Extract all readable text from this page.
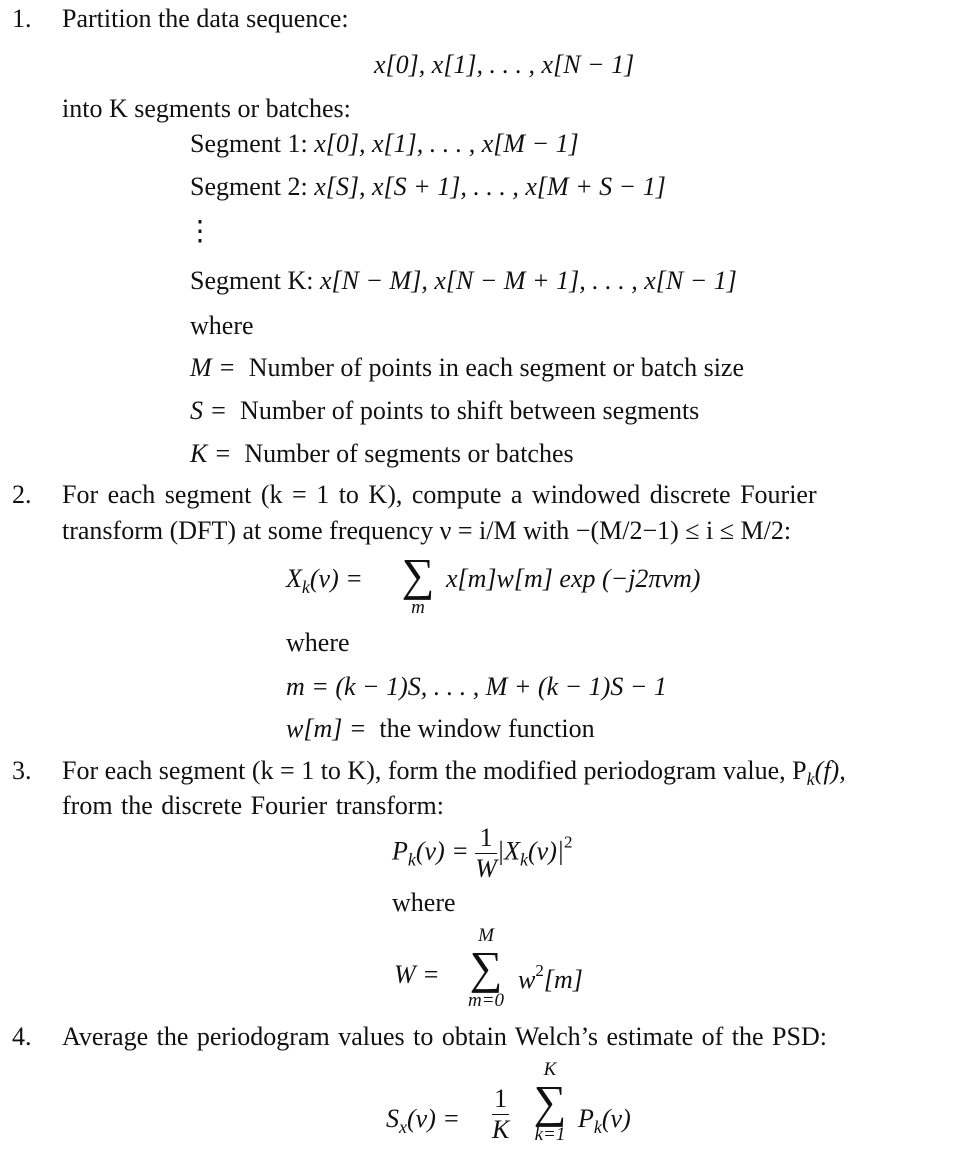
1. Partition the data sequence:
x[0], x[1], . . . , x[N − 1]
into K segments or batches:
Segment 1: x[0], x[1], . . . , x[M − 1]
Segment 2: x[S], x[S + 1], . . . , x[M + S − 1]
⋮
Segment K: x[N − M], x[N − M + 1], . . . , x[N − 1]
where
M = Number of points in each segment or batch size
S = Number of points to shift between segments
K = Number of segments or batches
2. For each segment (k = 1 to K), compute a windowed discrete Fourier
transform (DFT) at some frequency ν = i/M with −(M/2−1) ≤ i ≤ M/2:
$X_k(\nu)$ = ∑
m
x[m]w[m] exp (−j2πνm)
where
m = (k − 1)S, . . . , M + (k − 1)S − 1
w[m] = the window function
3. For each segment (k = 1 to K), form the modified periodogram value, $P_k(f)$,
from the discrete Fourier transform:
$P_k(\nu) = \frac{1}{W} |X_k(\nu)|^2$
where
W =
M
∑
m=0
$w^2[m]$
4. Average the periodogram values to obtain Welch’s estimate of the PSD:
$S_x(\nu) = \frac{1}{K}$
K
∑
k=1
$P_k(\nu)$
